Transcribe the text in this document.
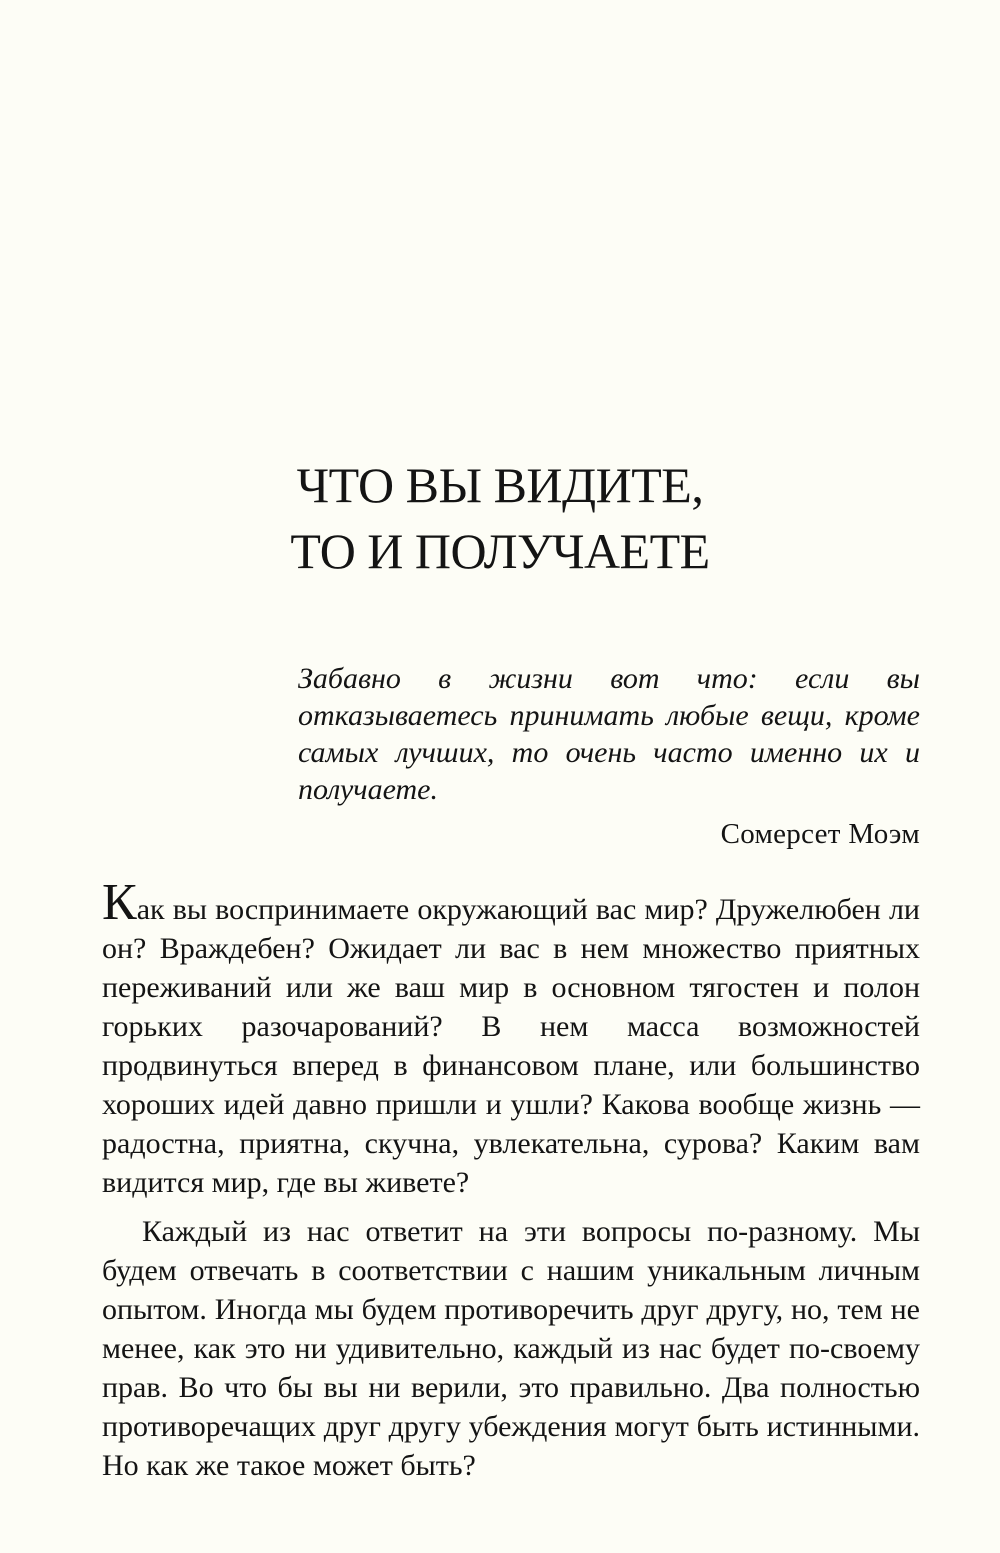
ЧТО ВЫ ВИДИТЕ,
ТО И ПОЛУЧАЕТЕ

Забавно в жизни вот что: если вы отказываетесь принимать любые вещи, кроме самых лучших, то очень часто именно их и получаете.

Сомерсет Моэм

Как вы воспринимаете окружающий вас мир? Дружелюбен ли он? Враждебен? Ожидает ли вас в нем множество приятных переживаний или же ваш мир в основном тягостен и полон горьких разочарований? В нем масса возможностей продвинуться вперед в финансовом плане, или большинство хороших идей давно пришли и ушли? Какова вообще жизнь — радостна, приятна, скучна, увлекательна, сурова? Каким вам видится мир, где вы живете?

Каждый из нас ответит на эти вопросы по-разному. Мы будем отвечать в соответствии с нашим уникальным личным опытом. Иногда мы будем противоречить друг другу, но, тем не менее, как это ни удивительно, каждый из нас будет по-своему прав. Во что бы вы ни верили, это правильно. Два полностью противоречащих друг другу убеждения могут быть истинными. Но как же такое может быть?
